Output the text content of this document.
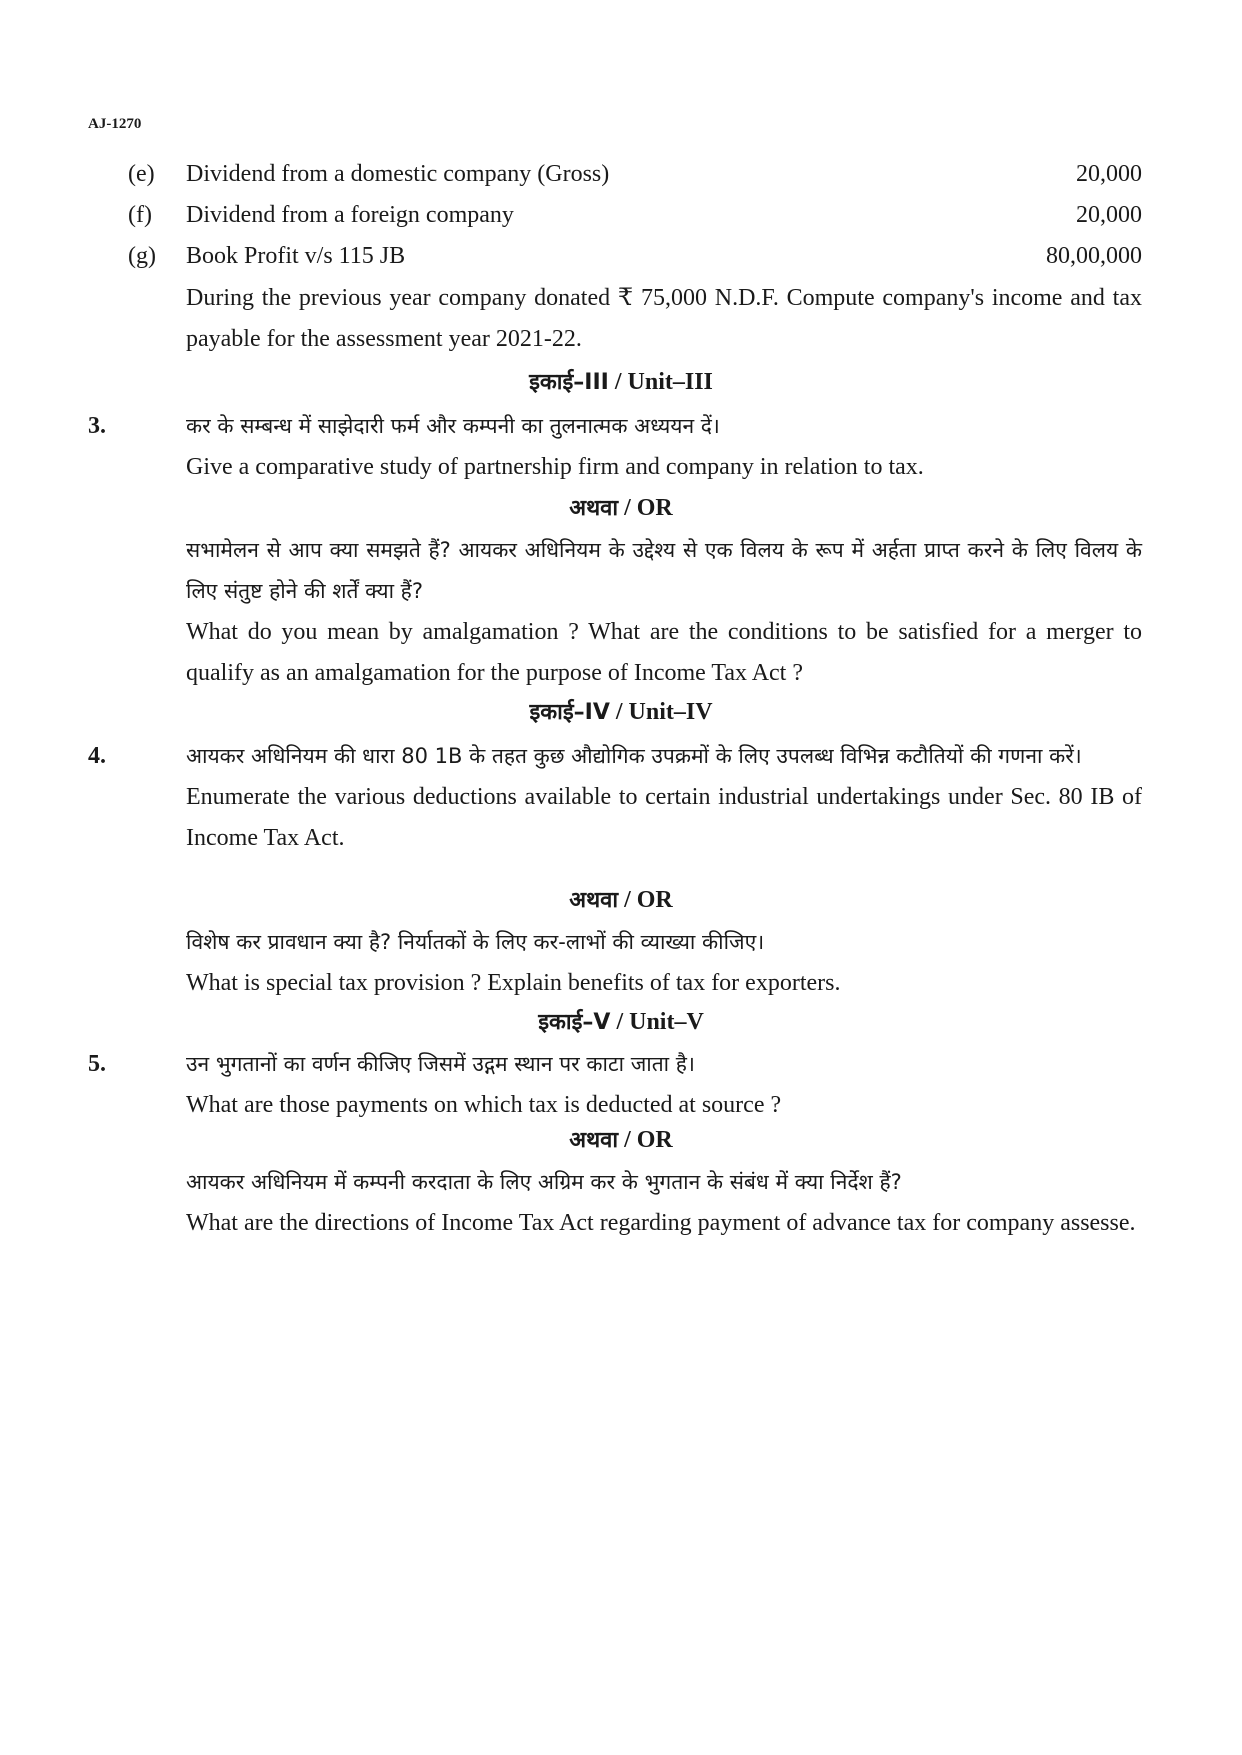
AJ-1270
(e) Dividend from a domestic company (Gross)	20,000
(f) Dividend from a foreign company	20,000
(g) Book Profit v/s 115 JB	80,00,000

During the previous year company donated ₹ 75,000 N.D.F. Compute company's income and tax payable for the assessment year 2021-22.

इकाई–III / Unit–III
3.	कर के सम्बन्ध में साझेदारी फर्म और कम्पनी का तुलनात्मक अध्ययन दें।

Give a comparative study of partnership firm and company in relation to tax.

अथवा / OR

सभामेलन से आप क्या समझते हैं? आयकर अधिनियम के उद्देश्य से एक विलय के रूप में अर्हता प्राप्त करने के लिए विलय के लिए संतुष्ट होने की शर्तें क्या हैं?

What do you mean by amalgamation ? What are the conditions to be satisfied for a merger to qualify as an amalgamation for the purpose of Income Tax Act ?

इकाई–IV / Unit–IV
4.	आयकर अधिनियम की धारा 80 1B के तहत कुछ औद्योगिक उपक्रमों के लिए उपलब्ध विभिन्न कटौतियों की गणना करें।

Enumerate the various deductions available to certain industrial undertakings under Sec. 80 IB of Income Tax Act.

अथवा / OR

विशेष कर प्रावधान क्या है? निर्यातकों के लिए कर-लाभों की व्याख्या कीजिए।

What is special tax provision ? Explain benefits of tax for exporters.

इकाई–V / Unit–V
5.	उन भुगतानों का वर्णन कीजिए जिसमें उद्गम स्थान पर काटा जाता है।

What are those payments on which tax is deducted at source ?

अथवा / OR

आयकर अधिनियम में कम्पनी करदाता के लिए अग्रिम कर के भुगतान के संबंध में क्या निर्देश हैं?

What are the directions of Income Tax Act regarding payment of advance tax for company assesse.
